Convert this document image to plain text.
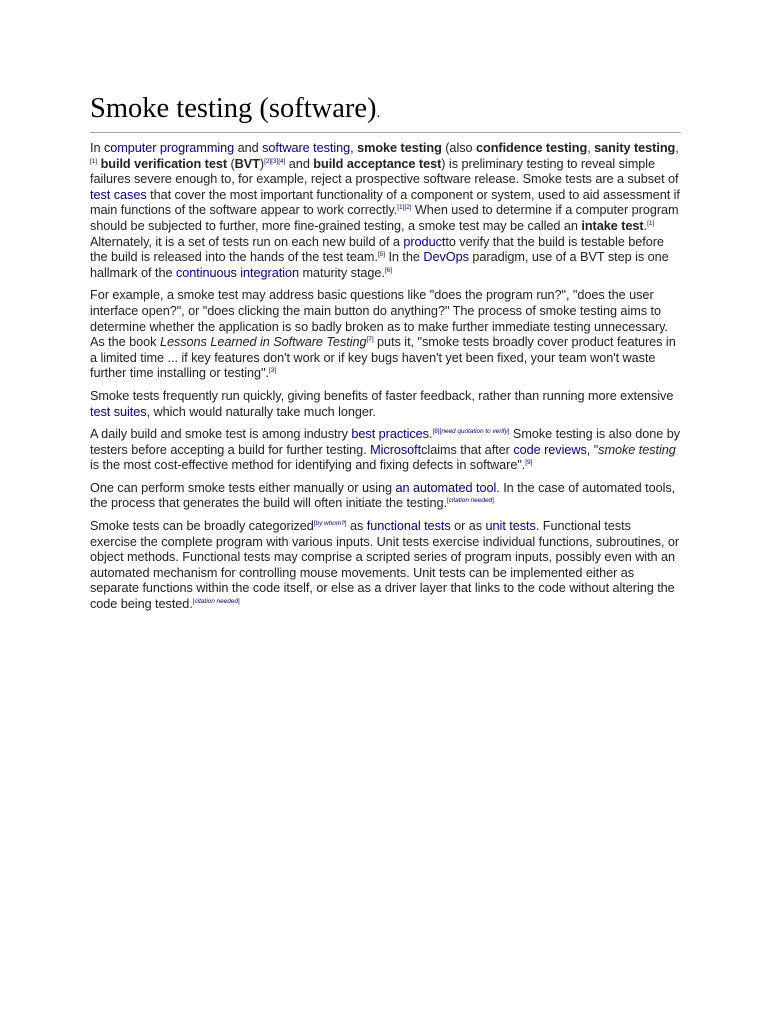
Smoke testing (software).

In computer programming and software testing, smoke testing (also confidence testing, sanity testing,[1] build verification test (BVT)[2][3][4] and build acceptance test) is preliminary testing to reveal simple failures severe enough to, for example, reject a prospective software release. Smoke tests are a subset of test cases that cover the most important functionality of a component or system, used to aid assessment if main functions of the software appear to work correctly.[1][2] When used to determine if a computer program should be subjected to further, more fine-grained testing, a smoke test may be called an intake test.[1] Alternately, it is a set of tests run on each new build of a productto verify that the build is testable before the build is released into the hands of the test team.[5] In the DevOps paradigm, use of a BVT step is one hallmark of the continuous integration maturity stage.[6]

For example, a smoke test may address basic questions like "does the program run?", "does the user interface open?", or "does clicking the main button do anything?" The process of smoke testing aims to determine whether the application is so badly broken as to make further immediate testing unnecessary. As the book Lessons Learned in Software Testing[7] puts it, "smoke tests broadly cover product features in a limited time ... if key features don't work or if key bugs haven't yet been fixed, your team won't waste further time installing or testing".[3]

Smoke tests frequently run quickly, giving benefits of faster feedback, rather than running more extensive test suites, which would naturally take much longer.

A daily build and smoke test is among industry best practices.[8][need quotation to verify] Smoke testing is also done by testers before accepting a build for further testing. Microsoftclaims that after code reviews, "smoke testing is the most cost-effective method for identifying and fixing defects in software".[9]

One can perform smoke tests either manually or using an automated tool. In the case of automated tools, the process that generates the build will often initiate the testing.[citation needed]

Smoke tests can be broadly categorized[by whom?] as functional tests or as unit tests. Functional tests exercise the complete program with various inputs. Unit tests exercise individual functions, subroutines, or object methods. Functional tests may comprise a scripted series of program inputs, possibly even with an automated mechanism for controlling mouse movements. Unit tests can be implemented either as separate functions within the code itself, or else as a driver layer that links to the code without altering the code being tested.[citation needed]
